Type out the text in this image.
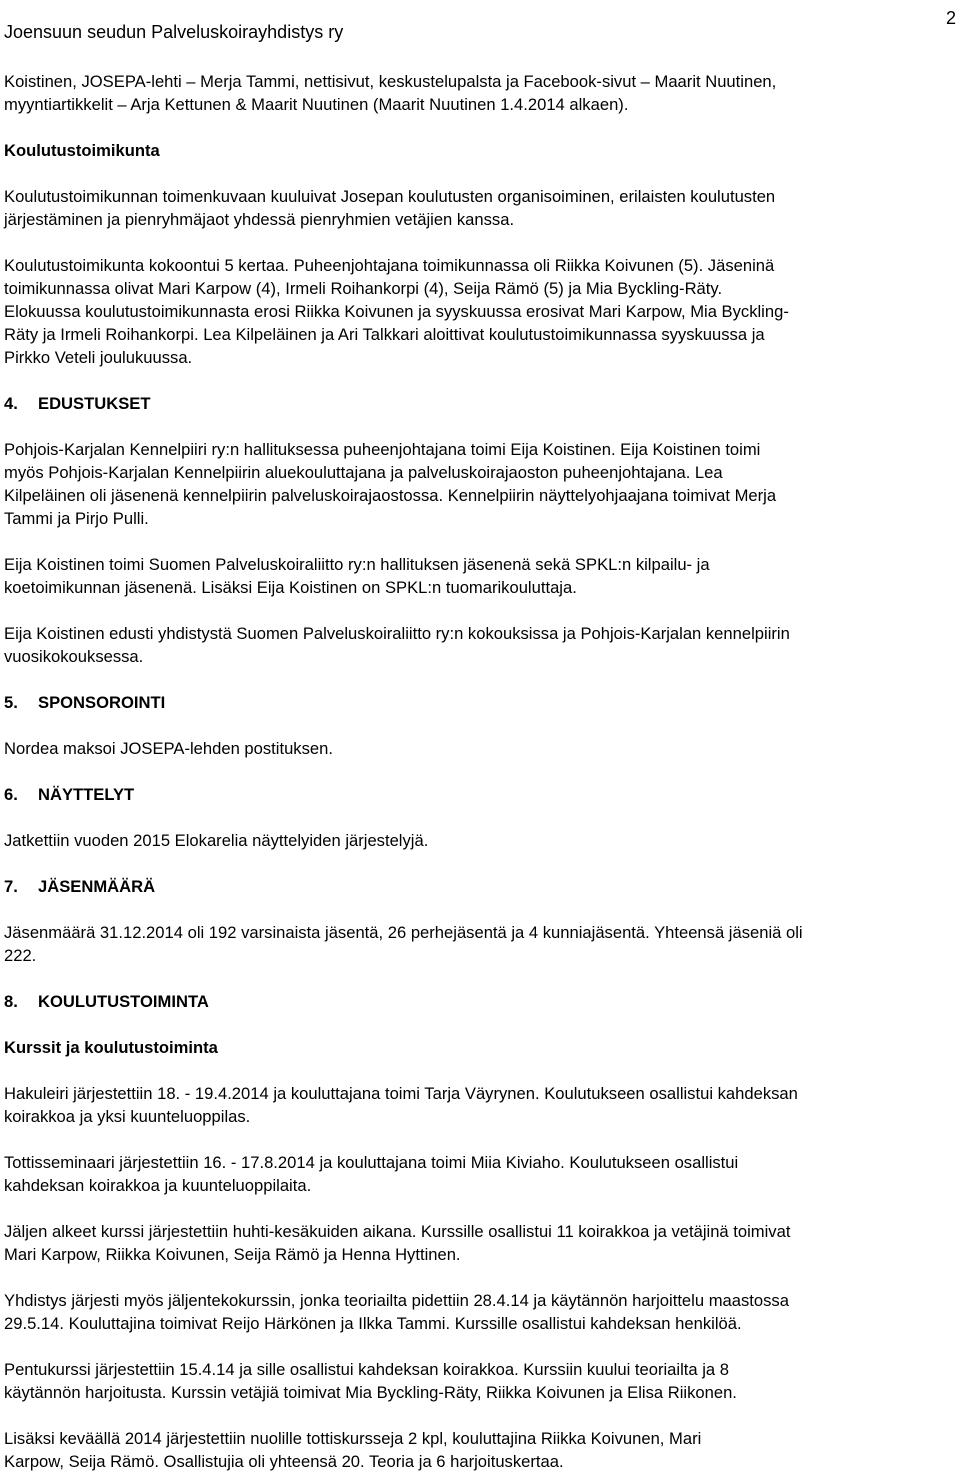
Joensuun seudun Palveluskoirayhdistys ry
2

Koistinen, JOSEPA-lehti – Merja Tammi, nettisivut, keskustelupalsta ja Facebook-sivut – Maarit Nuutinen,
myyntiartikkelit – Arja Kettunen & Maarit Nuutinen (Maarit Nuutinen 1.4.2014 alkaen).

Koulutustoimikunta

Koulutustoimikunnan toimenkuvaan kuuluivat Josepan koulutusten organisoiminen, erilaisten koulutusten
järjestäminen ja pienryhmäjaot yhdessä pienryhmien vetäjien kanssa.

Koulutustoimikunta kokoontui 5 kertaa. Puheenjohtajana toimikunnassa oli Riikka Koivunen (5). Jäseninä
toimikunnassa olivat Mari Karpow (4), Irmeli Roihankorpi (4), Seija Rämö (5) ja Mia Byckling-Räty.
Elokuussa koulutustoimikunnasta erosi Riikka Koivunen ja syyskuussa erosivat Mari Karpow, Mia Byckling-
Räty ja Irmeli Roihankorpi. Lea Kilpeläinen ja Ari Talkkari aloittivat koulutustoimikunnassa syyskuussa ja
Pirkko Veteli joulukuussa.

4. EDUSTUKSET

Pohjois-Karjalan Kennelpiiri ry:n hallituksessa puheenjohtajana toimi Eija Koistinen. Eija Koistinen toimi
myös Pohjois-Karjalan Kennelpiirin aluekouluttajana ja palveluskoirajaoston puheenjohtajana. Lea
Kilpeläinen oli jäsenenä kennelpiirin palveluskoirajaostossa. Kennelpiirin näyttelyohjaajana toimivat Merja
Tammi ja Pirjo Pulli.

Eija Koistinen toimi Suomen Palveluskoiraliitto ry:n hallituksen jäsenenä sekä SPKL:n kilpailu- ja
koetoimikunnan jäsenenä. Lisäksi Eija Koistinen on SPKL:n tuomarikouluttaja.

Eija Koistinen edusti yhdistystä Suomen Palveluskoiraliitto ry:n kokouksissa ja Pohjois-Karjalan kennelpiirin
vuosikokouksessa.

5. SPONSOROINTI

Nordea maksoi JOSEPA-lehden postituksen.

6. NÄYTTELYT

Jatkettiin vuoden 2015 Elokarelia näyttelyiden järjestelyjä.

7. JÄSENMÄÄRÄ

Jäsenmäärä 31.12.2014 oli 192 varsinaista jäsentä, 26 perhejäsentä ja 4 kunniajäsentä. Yhteensä jäseniä oli
222.

8. KOULUTUSTOIMINTA
Kurssit ja koulutustoiminta

Hakuleiri järjestettiin 18. - 19.4.2014 ja kouluttajana toimi Tarja Väyrynen. Koulutukseen osallistui kahdeksan
koirakkoa ja yksi kuunteluoppilas.

Tottisseminaari järjestettiin 16. - 17.8.2014 ja kouluttajana toimi Miia Kiviaho. Koulutukseen osallistui
kahdeksan koirakkoa ja kuunteluoppilaita.

Jäljen alkeet kurssi järjestettiin huhti-kesäkuiden aikana. Kurssille osallistui 11 koirakkoa ja vetäjinä toimivat
Mari Karpow, Riikka Koivunen, Seija Rämö ja Henna Hyttinen.

Yhdistys järjesti myös jäljentekokurssin, jonka teoriailta pidettiin 28.4.14 ja käytännön harjoittelu maastossa
29.5.14. Kouluttajina toimivat Reijo Härkönen ja Ilkka Tammi. Kurssille osallistui kahdeksan henkilöä.

Pentukurssi järjestettiin 15.4.14 ja sille osallistui kahdeksan koirakkoa. Kurssiin kuului teoriailta ja 8
käytännön harjoitusta. Kurssin vetäjiä toimivat Mia Byckling-Räty, Riikka Koivunen ja Elisa Riikonen.

Lisäksi keväällä 2014 järjestettiin nuolille tottiskursseja 2 kpl, kouluttajina Riikka Koivunen, Mari
Karpow, Seija Rämö. Osallistujia oli yhteensä 20. Teoria ja 6 harjoituskertaa.
